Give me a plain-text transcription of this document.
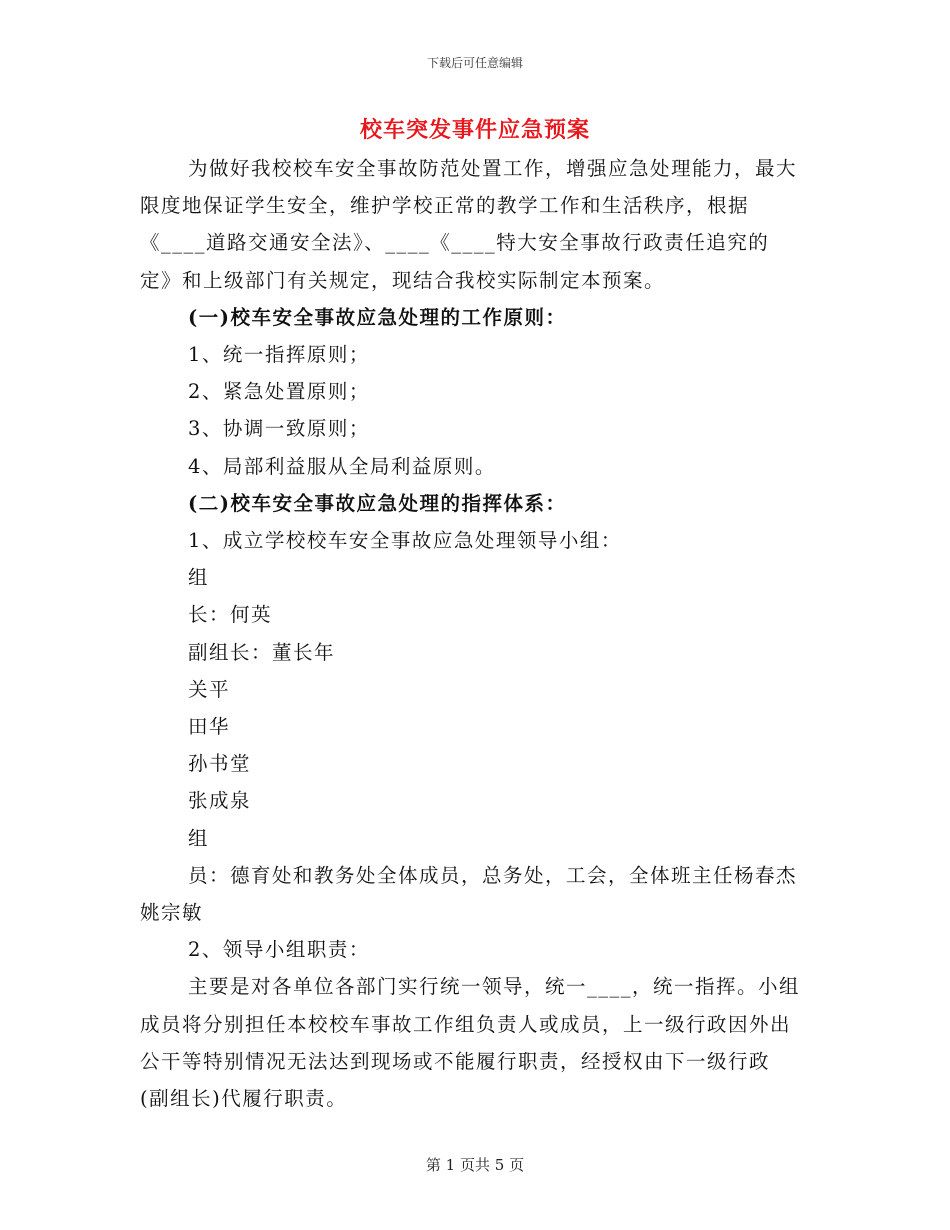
下载后可任意编辑
校车突发事件应急预案

为做好我校校车安全事故防范处置工作，增强应急处理能力，最大限度地保证学生安全，维护学校正常的教学工作和生活秩序，根据《____道路交通安全法》、____《____特大安全事故行政责任追究的定》和上级部门有关规定，现结合我校实际制定本预案。

(一)校车安全事故应急处理的工作原则：

1、统一指挥原则；

2、紧急处置原则；

3、协调一致原则；

4、局部利益服从全局利益原则。

(二)校车安全事故应急处理的指挥体系：

1、成立学校校车安全事故应急处理领导小组：

组

长：何英

副组长：董长年

关平

田华

孙书堂

张成泉

组

员：德育处和教务处全体成员，总务处，工会，全体班主任杨春杰姚宗敏

2、领导小组职责：

主要是对各单位各部门实行统一领导，统一____，统一指挥。小组成员将分别担任本校校车事故工作组负责人或成员，上一级行政因外出公干等特别情况无法达到现场或不能履行职责，经授权由下一级行政(副组长)代履行职责。

第 1 页共 5 页
